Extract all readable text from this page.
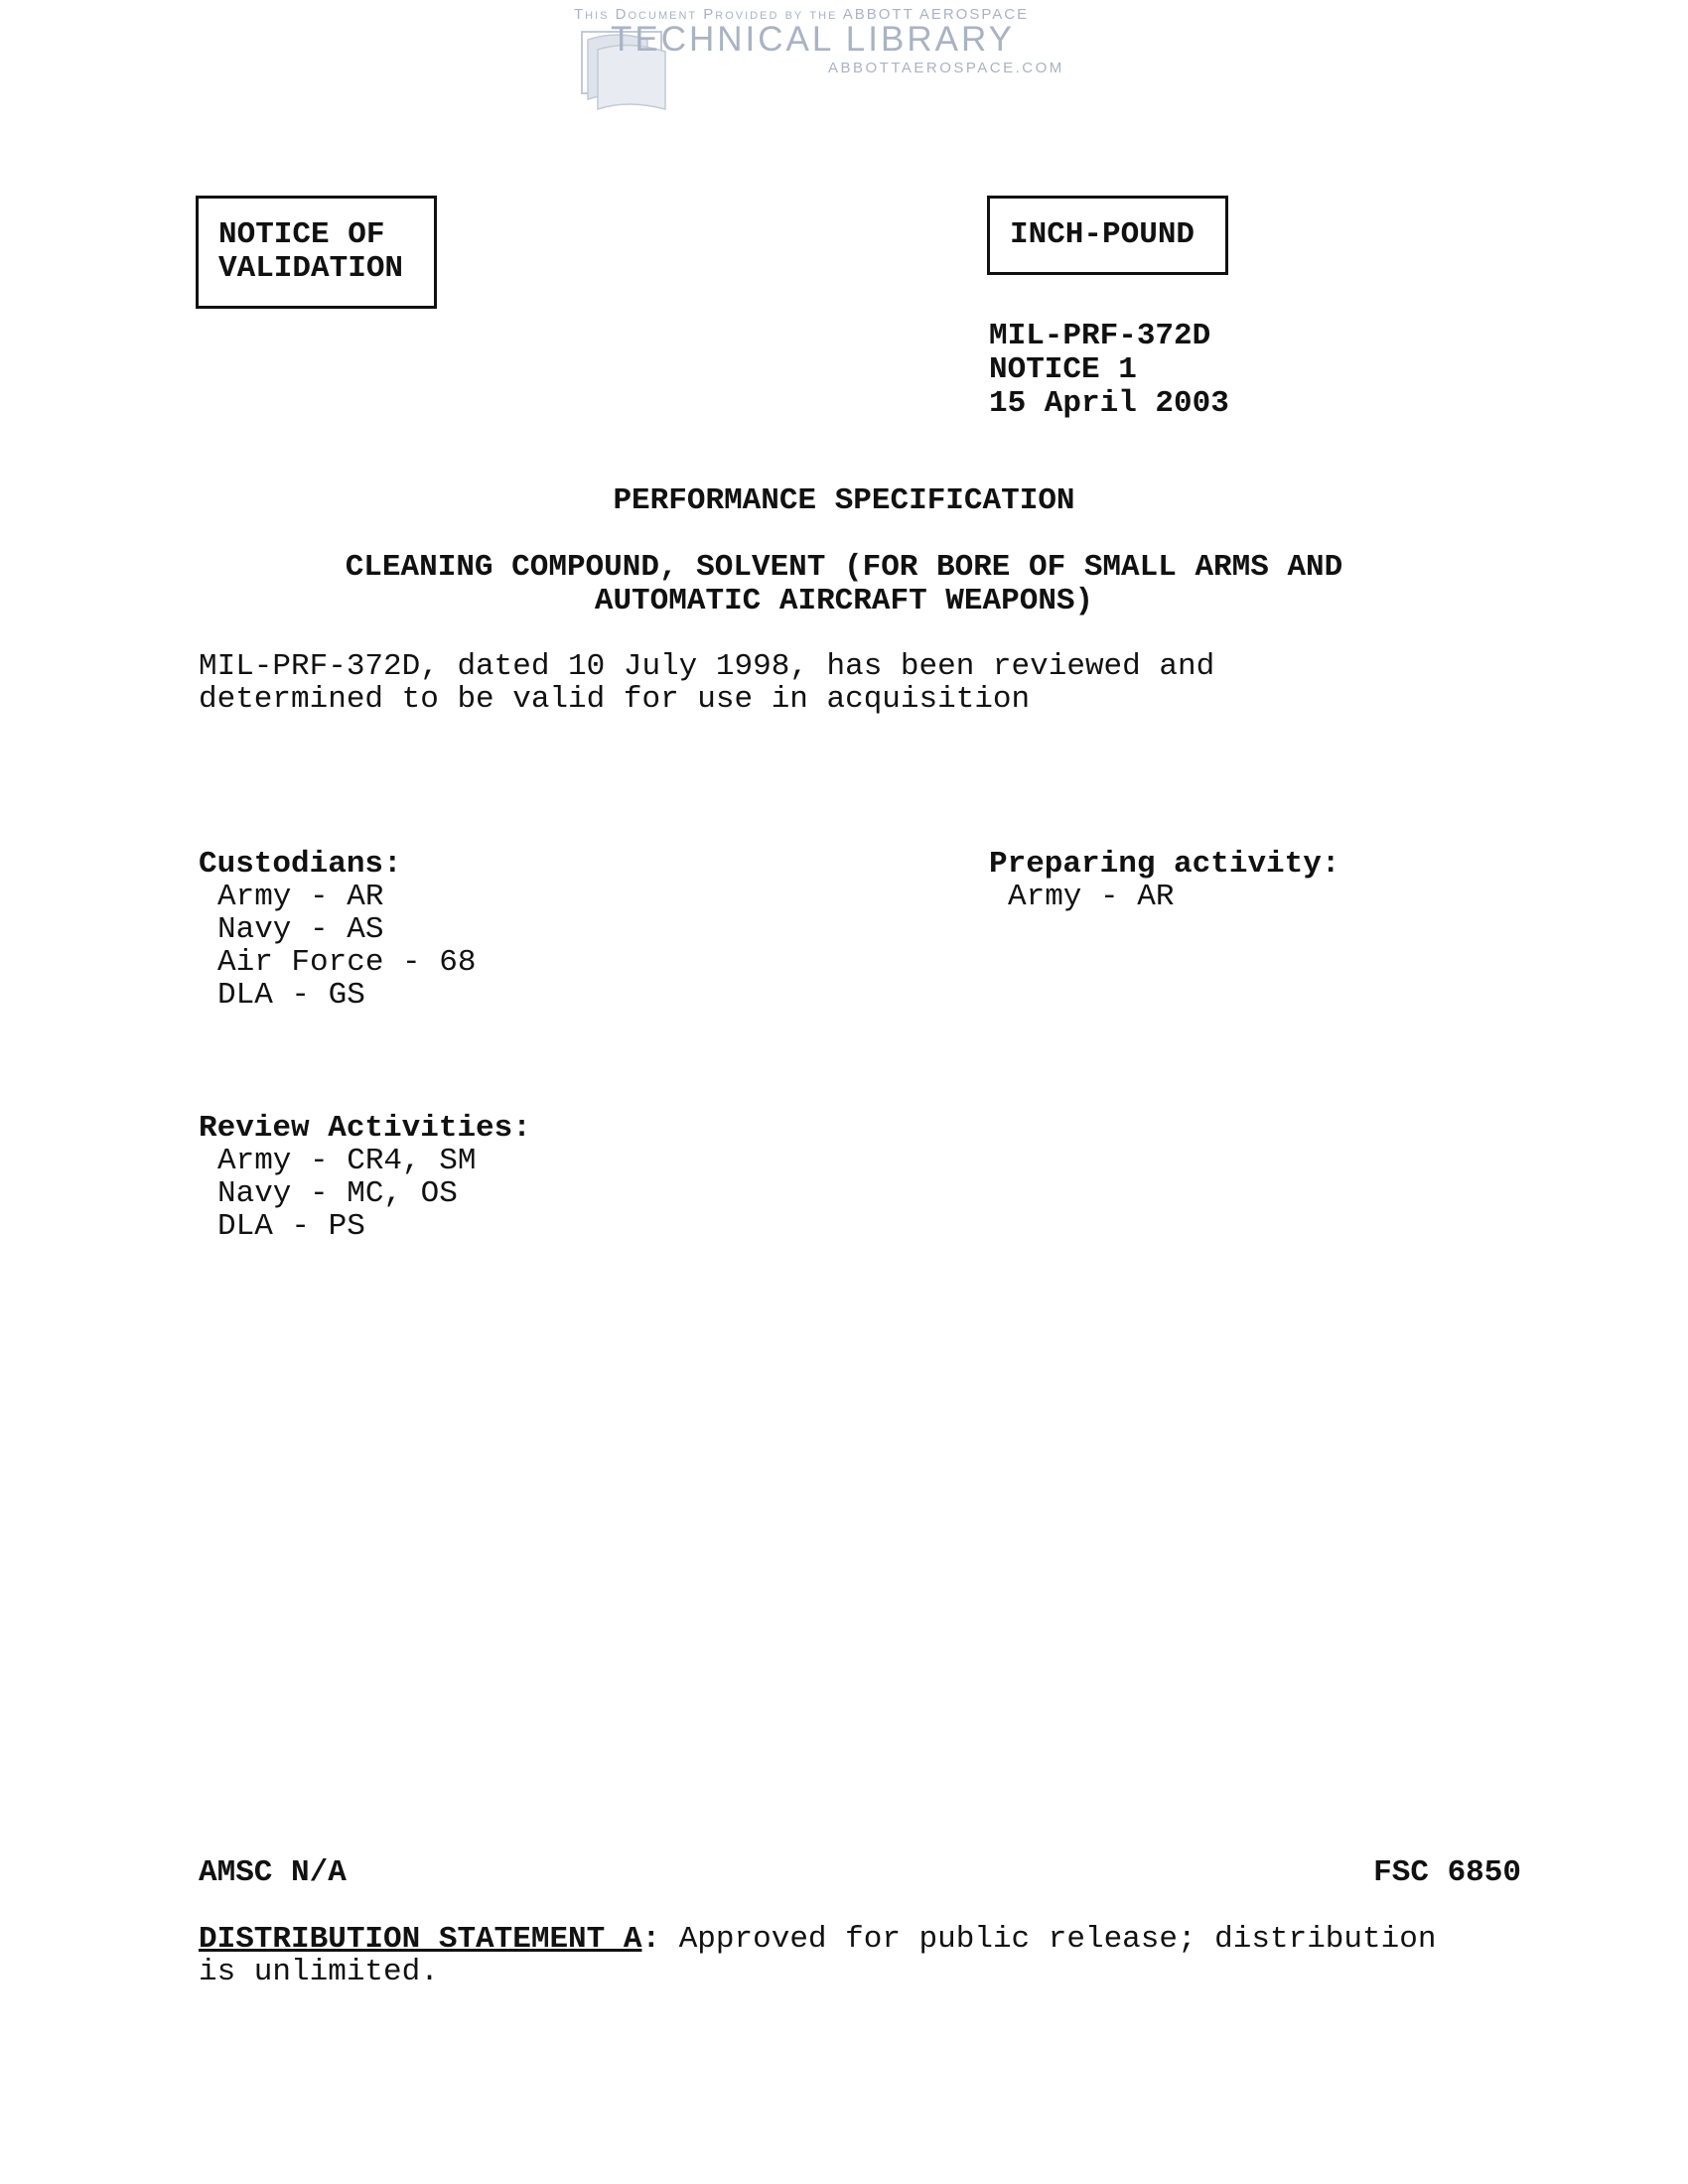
This Document Provided by the ABBOTT AEROSPACE
TECHNICAL LIBRARY
ABBOTTAEROSPACE.COM
NOTICE OF
VALIDATION
INCH-POUND
MIL-PRF-372D
NOTICE 1
15 April 2003
PERFORMANCE SPECIFICATION
CLEANING COMPOUND, SOLVENT (FOR BORE OF SMALL ARMS AND
AUTOMATIC AIRCRAFT WEAPONS)
MIL-PRF-372D, dated 10 July 1998, has been reviewed and
determined to be valid for use in acquisition
Custodians:
Army - AR
Navy - AS
Air Force - 68
DLA - GS
Preparing activity:
Army - AR
Review Activities:
Army - CR4, SM
Navy - MC, OS
DLA - PS
AMSC N/A	FSC 6850
DISTRIBUTION STATEMENT A: Approved for public release; distribution
is unlimited.
